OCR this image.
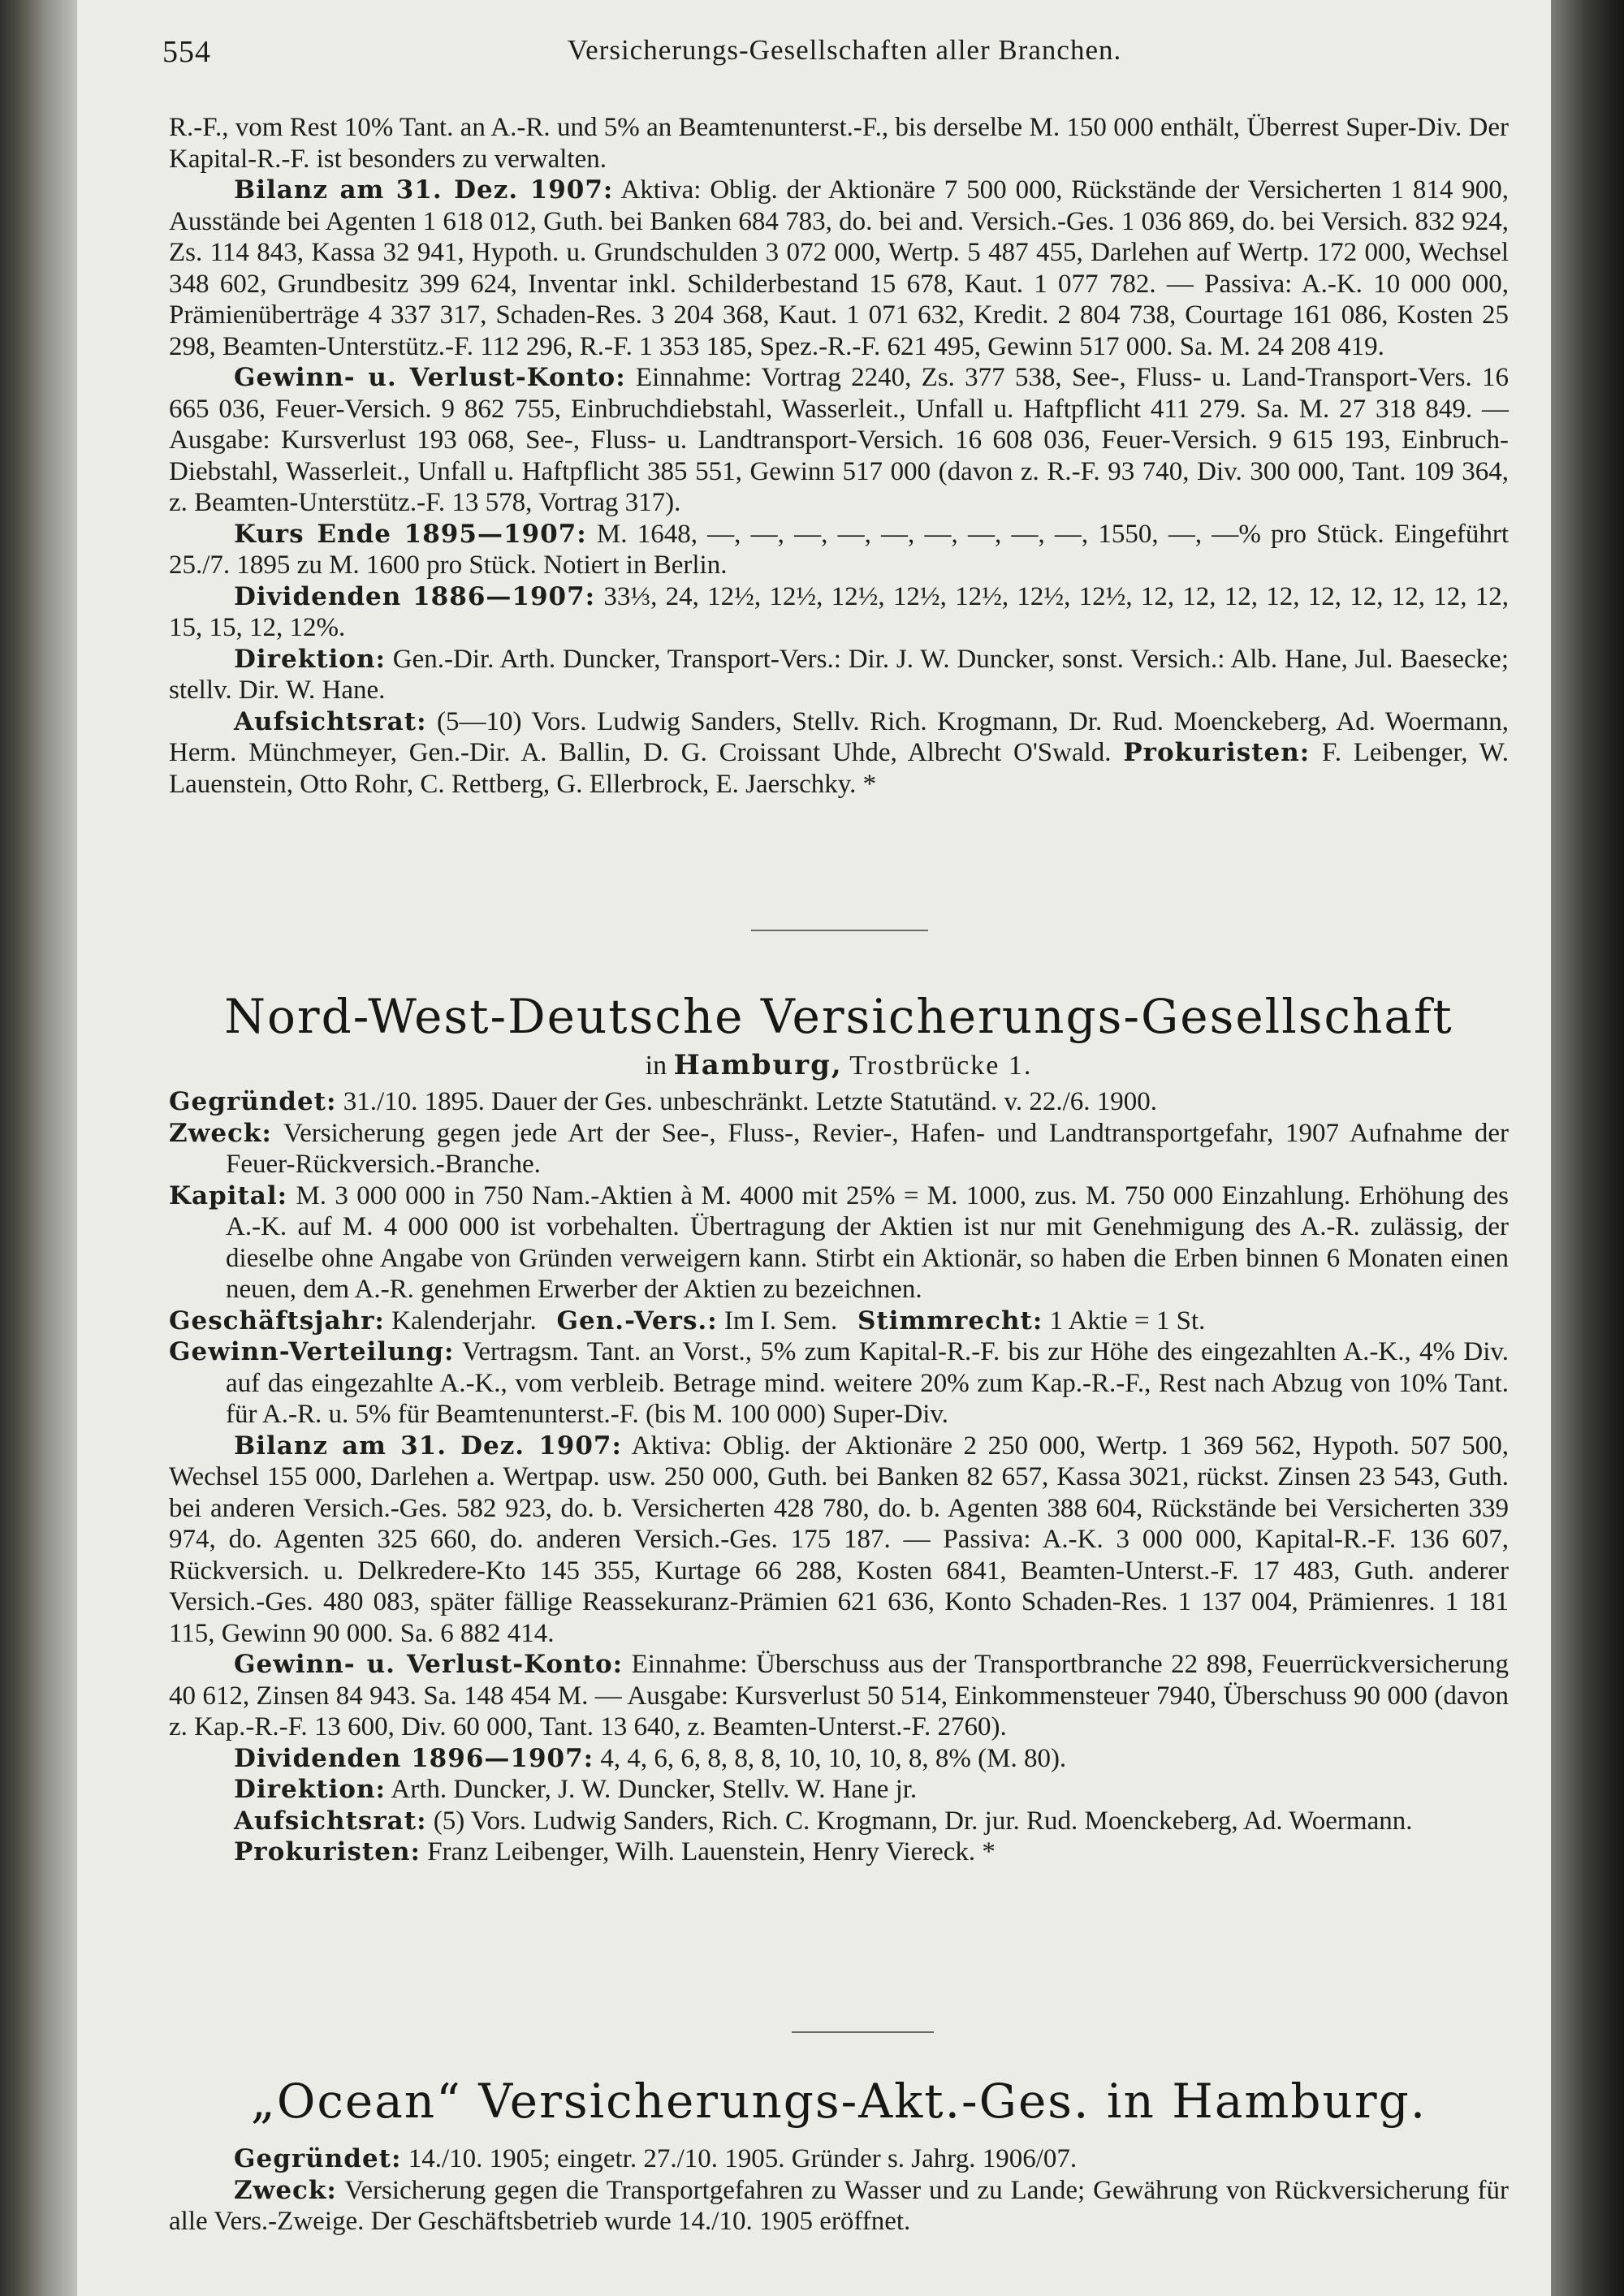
554	Versicherungs-Gesellschaften aller Branchen.

R.-F., vom Rest 10% Tant. an A.-R. und 5% an Beamtenunterst.-F., bis derselbe M. 150 000 enthält, Überrest Super-Div. Der Kapital-R.-F. ist besonders zu verwalten.

Bilanz am 31. Dez. 1907: Aktiva: Oblig. der Aktionäre 7 500 000, Rückstände der Versicherten 1 814 900, Ausstände bei Agenten 1 618 012, Guth. bei Banken 684 783, do. bei and. Versich.-Ges. 1 036 869, do. bei Versich. 832 924, Zs. 114 843, Kassa 32 941, Hypoth. u. Grundschulden 3 072 000, Wertp. 5 487 455, Darlehen auf Wertp. 172 000, Wechsel 348 602, Grundbesitz 399 624, Inventar inkl. Schilderbestand 15 678, Kaut. 1 077 782. — Passiva: A.-K. 10 000 000, Prämienüberträge 4 337 317, Schaden-Res. 3 204 368, Kaut. 1 071 632, Kredit. 2 804 738, Courtage 161 086, Kosten 25 298, Beamten-Unterstütz.-F. 112 296, R.-F. 1 353 185, Spez.-R.-F. 621 495, Gewinn 517 000. Sa. M. 24 208 419.

Gewinn- u. Verlust-Konto: Einnahme: Vortrag 2240, Zs. 377 538, See-, Fluss- u. Land-Transport-Vers. 16 665 036, Feuer-Versich. 9 862 755, Einbruchdiebstahl, Wasserleit., Unfall u. Haftpflicht 411 279. Sa. M. 27 318 849. — Ausgabe: Kursverlust 193 068, See-, Fluss- u. Landtransport-Versich. 16 608 036, Feuer-Versich. 9 615 193, Einbruch-Diebstahl, Wasserleit., Unfall u. Haftpflicht 385 551, Gewinn 517 000 (davon z. R.-F. 93 740, Div. 300 000, Tant. 109 364, z. Beamten-Unterstütz.-F. 13 578, Vortrag 317).

Kurs Ende 1895—1907: M. 1648, —, —, —, —, —, —, —, —, —, 1550, —, —% pro Stück. Eingeführt 25./7. 1895 zu M. 1600 pro Stück. Notiert in Berlin.

Dividenden 1886—1907: 33⅓, 24, 12½, 12½, 12½, 12½, 12½, 12½, 12½, 12, 12, 12, 12, 12, 12, 12, 12, 12, 15, 15, 12, 12%.

Direktion: Gen.-Dir. Arth. Duncker, Transport-Vers.: Dir. J. W. Duncker, sonst. Versich.: Alb. Hane, Jul. Baesecke; stellv. Dir. W. Hane.

Aufsichtsrat: (5—10) Vors. Ludwig Sanders, Stellv. Rich. Krogmann, Dr. Rud. Moenckeberg, Ad. Woermann, Herm. Münchmeyer, Gen.-Dir. A. Ballin, D. G. Croissant Uhde, Albrecht O'Swald. Prokuristen: F. Leibenger, W. Lauenstein, Otto Rohr, C. Rettberg, G. Ellerbrock, E. Jaerschky. *

Nord-West-Deutsche Versicherungs-Gesellschaft
in Hamburg, Trostbrücke 1.

Gegründet: 31./10. 1895. Dauer der Ges. unbeschränkt. Letzte Statutänd. v. 22./6. 1900.

Zweck: Versicherung gegen jede Art der See-, Fluss-, Revier-, Hafen- und Landtransportgefahr, 1907 Aufnahme der Feuer-Rückversich.-Branche.

Kapital: M. 3 000 000 in 750 Nam.-Aktien à M. 4000 mit 25% = M. 1000, zus. M. 750 000 Einzahlung. Erhöhung des A.-K. auf M. 4 000 000 ist vorbehalten. Übertragung der Aktien ist nur mit Genehmigung des A.-R. zulässig, der dieselbe ohne Angabe von Gründen verweigern kann. Stirbt ein Aktionär, so haben die Erben binnen 6 Monaten einen neuen, dem A.-R. genehmen Erwerber der Aktien zu bezeichnen.

Geschäftsjahr: Kalenderjahr. Gen.-Vers.: Im I. Sem. Stimmrecht: 1 Aktie = 1 St.

Gewinn-Verteilung: Vertragsm. Tant. an Vorst., 5% zum Kapital-R.-F. bis zur Höhe des eingezahlten A.-K., 4% Div. auf das eingezahlte A.-K., vom verbleib. Betrage mind. weitere 20% zum Kap.-R.-F., Rest nach Abzug von 10% Tant. für A.-R. u. 5% für Beamtenunterst.-F. (bis M. 100 000) Super-Div.

Bilanz am 31. Dez. 1907: Aktiva: Oblig. der Aktionäre 2 250 000, Wertp. 1 369 562, Hypoth. 507 500, Wechsel 155 000, Darlehen a. Wertpap. usw. 250 000, Guth. bei Banken 82 657, Kassa 3021, rückst. Zinsen 23 543, Guth. bei anderen Versich.-Ges. 582 923, do. b. Versicherten 428 780, do. b. Agenten 388 604, Rückstände bei Versicherten 339 974, do. Agenten 325 660, do. anderen Versich.-Ges. 175 187. — Passiva: A.-K. 3 000 000, Kapital-R.-F. 136 607, Rückversich. u. Delkredere-Kto 145 355, Kurtage 66 288, Kosten 6841, Beamten-Unterst.-F. 17 483, Guth. anderer Versich.-Ges. 480 083, später fällige Reassekuranz-Prämien 621 636, Konto Schaden-Res. 1 137 004, Prämienres. 1 181 115, Gewinn 90 000. Sa. 6 882 414.

Gewinn- u. Verlust-Konto: Einnahme: Überschuss aus der Transportbranche 22 898, Feuerrückversicherung 40 612, Zinsen 84 943. Sa. 148 454 M. — Ausgabe: Kursverlust 50 514, Einkommensteuer 7940, Überschuss 90 000 (davon z. Kap.-R.-F. 13 600, Div. 60 000, Tant. 13 640, z. Beamten-Unterst.-F. 2760).

Dividenden 1896—1907: 4, 4, 6, 6, 8, 8, 8, 10, 10, 10, 8, 8% (M. 80).

Direktion: Arth. Duncker, J. W. Duncker, Stellv. W. Hane jr.

Aufsichtsrat: (5) Vors. Ludwig Sanders, Rich. C. Krogmann, Dr. jur. Rud. Moenckeberg, Ad. Woermann.

Prokuristen: Franz Leibenger, Wilh. Lauenstein, Henry Viereck. *

„Ocean“ Versicherungs-Akt.-Ges. in Hamburg.

Gegründet: 14./10. 1905; eingetr. 27./10. 1905. Gründer s. Jahrg. 1906/07.

Zweck: Versicherung gegen die Transportgefahren zu Wasser und zu Lande; Gewährung von Rückversicherung für alle Vers.-Zweige. Der Geschäftsbetrieb wurde 14./10. 1905 eröffnet.
